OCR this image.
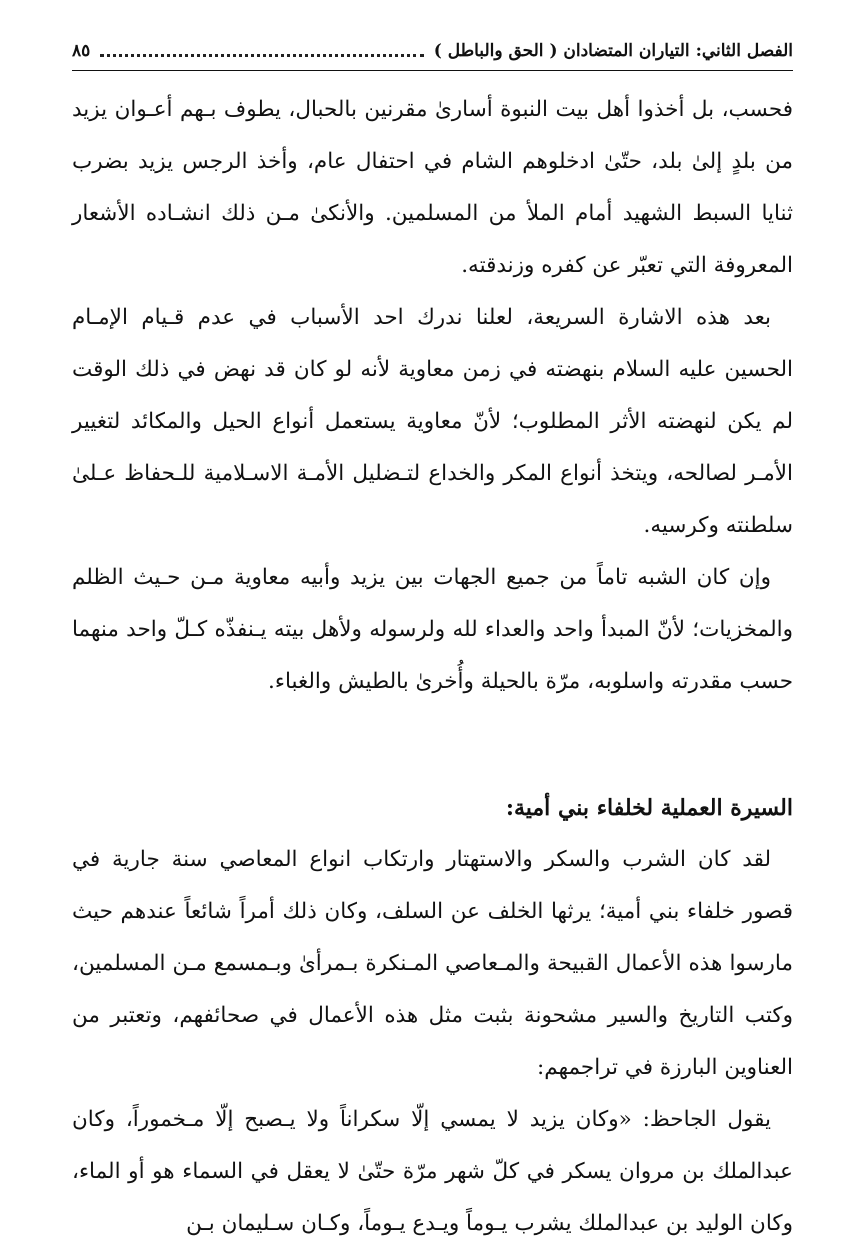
الفصل الثاني: التياران المتضادان ( الحق والباطل )
٨٥

فحسب، بل أخذوا أهل بيت النبوة أسارىٰ مقرنين بالحبال، يطوف بـهم أعـوان يزيد من بلدٍ إلىٰ بلد، حتّىٰ ادخلوهم الشام في احتفال عام، وأخذ الرجس يزيد بضرب ثنايا السبط الشهيد أمام الملأ من المسلمين. والأنكىٰ مـن ذلك انشـاده الأشعار المعروفة التي تعبّر عن كفره وزندقته.

بعد هذه الاشارة السريعة، لعلنا ندرك احد الأسباب في عدم قـيام الإمـام الحسين عليه السلام بنهضته في زمن معاوية لأنه لو كان قد نهض في ذلك الوقت لم يكن لنهضته الأثر المطلوب؛ لأنّ معاوية يستعمل أنواع الحيل والمكائد لتغيير الأمـر لصالحه، ويتخذ أنواع المكر والخداع لتـضليل الأمـة الاسـلامية للـحفاظ عـلىٰ سلطنته وكرسيه.

وإن كان الشبه تاماً من جميع الجهات بين يزيد وأبيه معاوية مـن حـيث الظلم والمخزيات؛ لأنّ المبدأ واحد والعداء لله ولرسوله ولأهل بيته يـنفذّه كـلّ واحد منهما حسب مقدرته واسلوبه، مرّة بالحيلة وأُخرىٰ بالطيش والغباء.

السيرة العملية لخلفاء بني أمية:

لقد كان الشرب والسكر والاستهتار وارتكاب انواع المعاصي سنة جارية في قصور خلفاء بني أمية؛ يرثها الخلف عن السلف، وكان ذلك أمراً شائعاً عندهم حيث مارسوا هذه الأعمال القبيحة والمـعاصي المـنكرة بـمرأىٰ وبـمسمع مـن المسلمين، وكتب التاريخ والسير مشحونة بثبت مثل هذه الأعمال في صحائفهم، وتعتبر من العناوين البارزة في تراجمهم:

يقول الجاحظ: «وكان يزيد لا يمسي إلّا سكراناً ولا يـصبح إلّا مـخموراً، وكان عبدالملك بن مروان يسكر في كلّ شهر مرّة حتّىٰ لا يعقل في السماء هو أو الماء، وكان الوليد بن عبدالملك يشرب يـوماً ويـدع يـوماً، وكـان سـليمان بـن
